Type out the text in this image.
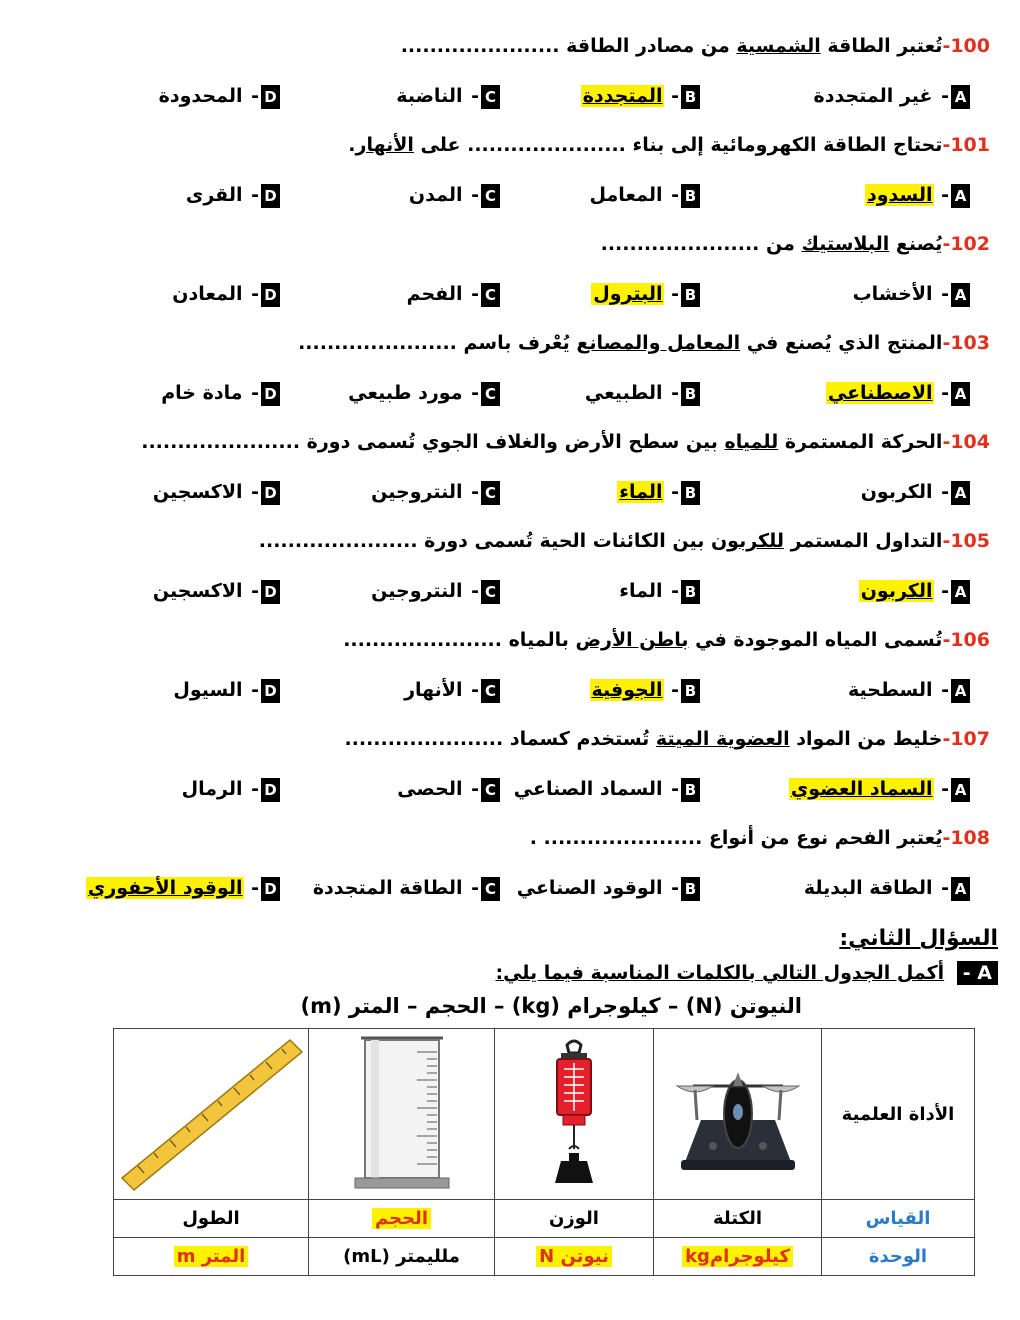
100-تُعتبر الطاقة الشمسية من مصادر الطاقة ......................
A- غير المتجددة
B- المتجددة
C- الناضبة
D- المحدودة
101-تحتاج الطاقة الكهرومائية إلى بناء ...................... على الأنهار.
A- السدود
B- المعامل
C- المدن
D- القرى
102-يُصنع البلاستيك من ......................
A- الأخشاب
B- البترول
C- الفحم
D- المعادن
103-المنتج الذي يُصنع في المعامل والمصانع يُعْرف باسم ......................
A- الاصطناعي
B- الطبيعي
C- مورد طبيعي
D- مادة خام
104-الحركة المستمرة للمياه بين سطح الأرض والغلاف الجوي تُسمى دورة ......................
A- الكربون
B- الماء
C- النتروجين
D- الاكسجين
105-التداول المستمر للكربون بين الكائنات الحية تُسمى دورة ......................
A- الكربون
B- الماء
C- النتروجين
D- الاكسجين
106-تُسمى المياه الموجودة في باطن الأرض بالمياه ......................
A- السطحية
B- الجوفية
C- الأنهار
D- السيول
107-خليط من المواد العضوية الميتة تُستخدم كسماد ......................
A- السماد العضوي
B- السماد الصناعي
C- الحصى
D- الرمال
108-يُعتبر الفحم نوع من أنواع ...................... .
A- الطاقة البديلة
B- الوقود الصناعي
C- الطاقة المتجددة
D- الوقود الأحفوري
السؤال الثاني:
A - أكمل الجدول التالي بالكلمات المناسبة فيما يلي:
النيوتن (N) – كيلوجرام (kg) – الحجم – المتر (m)
الأداة العلمية				
القياس	الكتلة	الوزن	الحجم	الطول
الوحدة	كيلوجرامkg	نيوتن N	ملليمتر (mL)	المتر m
